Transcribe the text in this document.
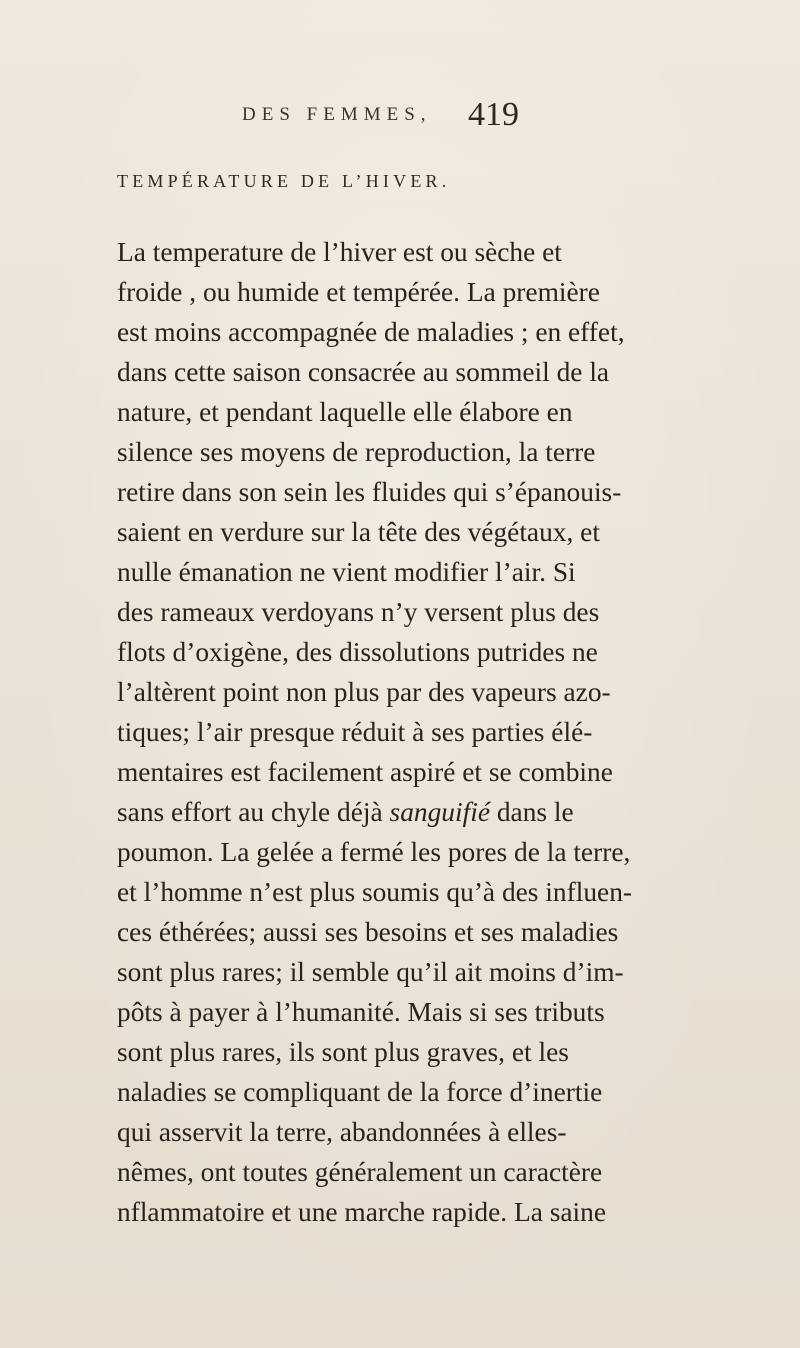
DES FEMMES, 419
TEMPÉRATURE DE L’HIVER.
La temperature de l’hiver est ou sèche et
froide , ou humide et tempérée. La première
est moins accompagnée de maladies ; en effet,
dans cette saison consacrée au sommeil de la
nature, et pendant laquelle elle élabore en
silence ses moyens de reproduction, la terre
retire dans son sein les fluides qui s’épanouis-
saient en verdure sur la tête des végétaux, et
nulle émanation ne vient modifier l’air. Si
des rameaux verdoyans n’y versent plus des
flots d’oxigène, des dissolutions putrides ne
l’altèrent point non plus par des vapeurs azo-
tiques; l’air presque réduit à ses parties élé-
mentaires est facilement aspiré et se combine
sans effort au chyle déjà sanguifié dans le
poumon. La gelée a fermé les pores de la terre,
et l’homme n’est plus soumis qu’à des influen-
ces éthérées; aussi ses besoins et ses maladies
sont plus rares; il semble qu’il ait moins d’im-
pôts à payer à l’humanité. Mais si ses tributs
sont plus rares, ils sont plus graves, et les
naladies se compliquant de la force d’inertie
qui asservit la terre, abandonnées à elles-
nêmes, ont toutes généralement un caractère
nflammatoire et une marche rapide. La saine
